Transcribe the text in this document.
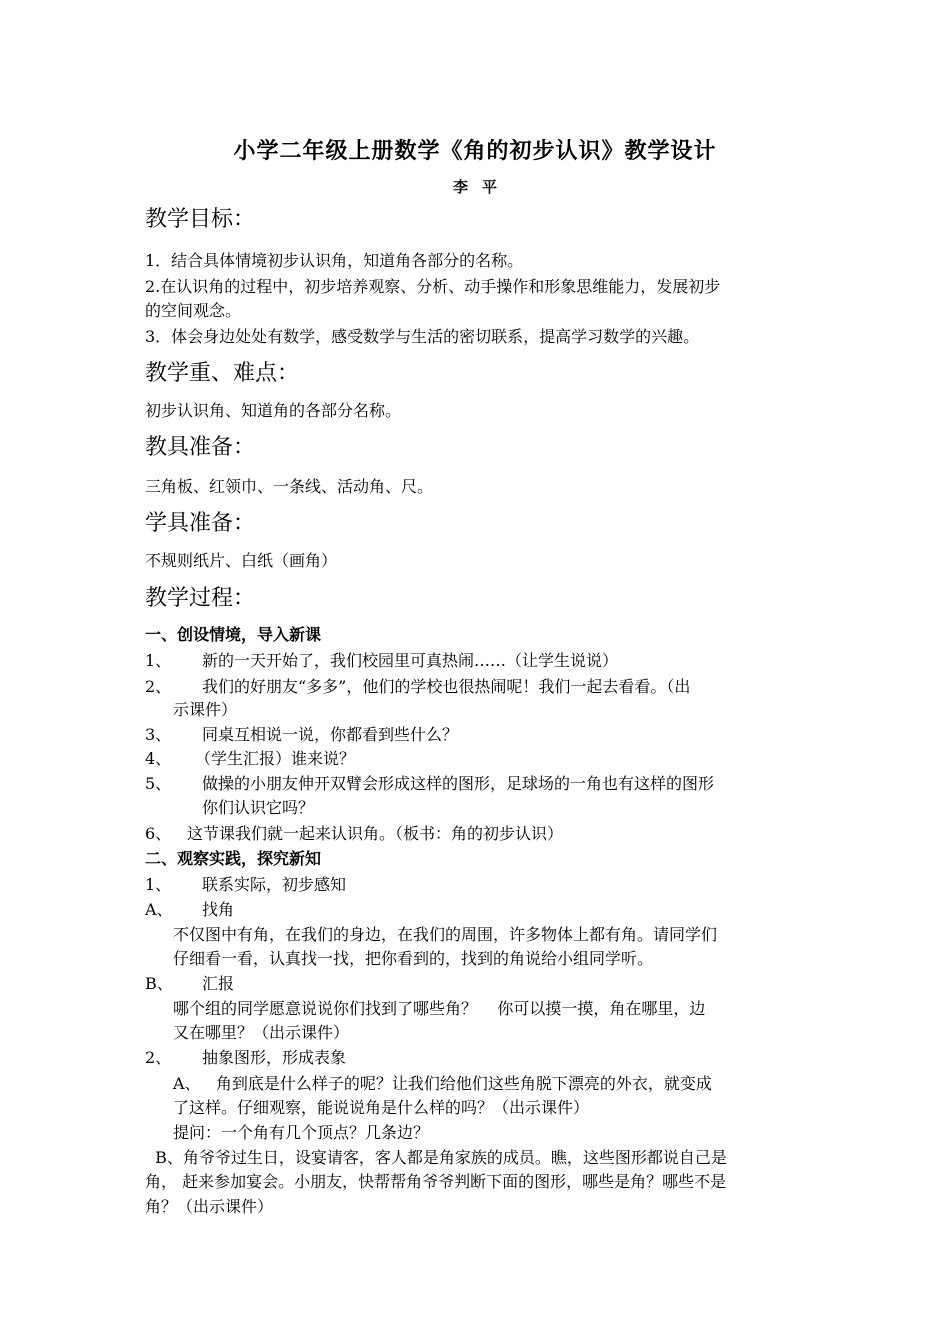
小学二年级上册数学《角的初步认识》教学设计
李 平
教学目标：
1．结合具体情境初步认识角，知道角各部分的名称。
2.在认识角的过程中，初步培养观察、分析、动手操作和形象思维能力，发展初步
的空间观念。
3．体会身边处处有数学，感受数学与生活的密切联系，提高学习数学的兴趣。
教学重、难点：
初步认识角、知道角的各部分名称。
教具准备：
三角板、红领巾、一条线、活动角、尺。
学具准备：
不规则纸片、白纸（画角）
教学过程：
一、创设情境，导入新课
1、 新的一天开始了，我们校园里可真热闹……（让学生说说）
2、 我们的好朋友“多多”，他们的学校也很热闹呢！我们一起去看看。（出
示课件）
3、 同桌互相说一说，你都看到些什么？
4、 （学生汇报）谁来说？
5、 做操的小朋友伸开双臂会形成这样的图形，足球场的一角也有这样的图形
你们认识它吗？
6、 这节课我们就一起来认识角。（板书：角的初步认识）
二、观察实践，探究新知
1、 联系实际，初步感知
A、 找角
不仅图中有角，在我们的身边，在我们的周围，许多物体上都有角。请同学们
仔细看一看，认真找一找，把你看到的，找到的角说给小组同学听。
B、 汇报
哪个组的同学愿意说说你们找到了哪些角？    你可以摸一摸，角在哪里，边
又在哪里？（出示课件）
2、 抽象图形，形成表象
A、   角到底是什么样子的呢？让我们给他们这些角脱下漂亮的外衣，就变成
了这样。仔细观察，能说说角是什么样的吗？（出示课件）
提问：一个角有几个顶点？几条边？
B、角爷爷过生日，设宴请客，客人都是角家族的成员。瞧，这些图形都说自己是
角， 赶来参加宴会。小朋友，快帮帮角爷爷判断下面的图形，哪些是角？哪些不是
角？（出示课件）
